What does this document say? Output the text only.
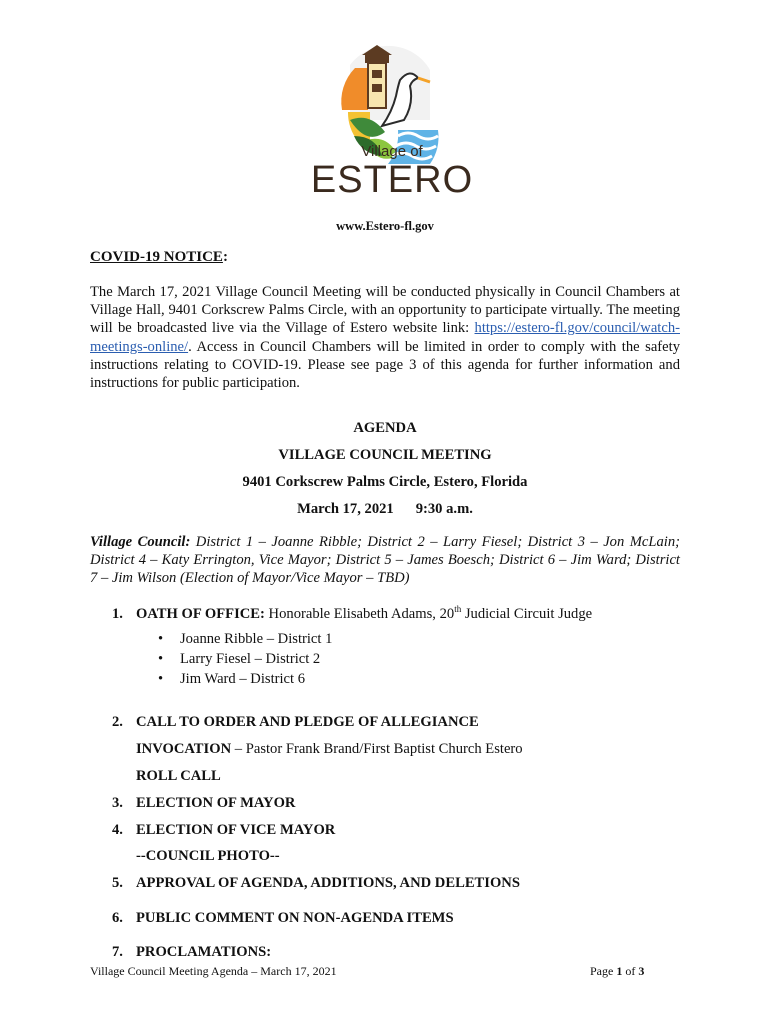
Village of
ESTERO
www.Estero-fl.gov
COVID-19 NOTICE:
The March 17, 2021 Village Council Meeting will be conducted physically in Council Chambers at Village Hall, 9401 Corkscrew Palms Circle, with an opportunity to participate virtually. The meeting will be broadcasted live via the Village of Estero website link: https://estero-fl.gov/council/watch-meetings-online/. Access in Council Chambers will be limited in order to comply with the safety instructions relating to COVID-19. Please see page 3 of this agenda for further information and instructions for public participation.
AGENDA
VILLAGE COUNCIL MEETING
9401 Corkscrew Palms Circle, Estero, Florida
March 17, 2021 9:30 a.m.
Village Council: District 1 – Joanne Ribble; District 2 – Larry Fiesel; District 3 – Jon McLain; District 4 – Katy Errington, Vice Mayor; District 5 – James Boesch; District 6 – Jim Ward; District 7 – Jim Wilson (Election of Mayor/Vice Mayor – TBD)
1. OATH OF OFFICE: Honorable Elisabeth Adams, 20th Judicial Circuit Judge
• Joanne Ribble – District 1
• Larry Fiesel – District 2
• Jim Ward – District 6
2. CALL TO ORDER AND PLEDGE OF ALLEGIANCE
INVOCATION – Pastor Frank Brand/First Baptist Church Estero
ROLL CALL
3. ELECTION OF MAYOR
4. ELECTION OF VICE MAYOR
--COUNCIL PHOTO--
5. APPROVAL OF AGENDA, ADDITIONS, AND DELETIONS
6. PUBLIC COMMENT ON NON-AGENDA ITEMS
7. PROCLAMATIONS:
Village Council Meeting Agenda – March 17, 2021	Page 1 of 3
